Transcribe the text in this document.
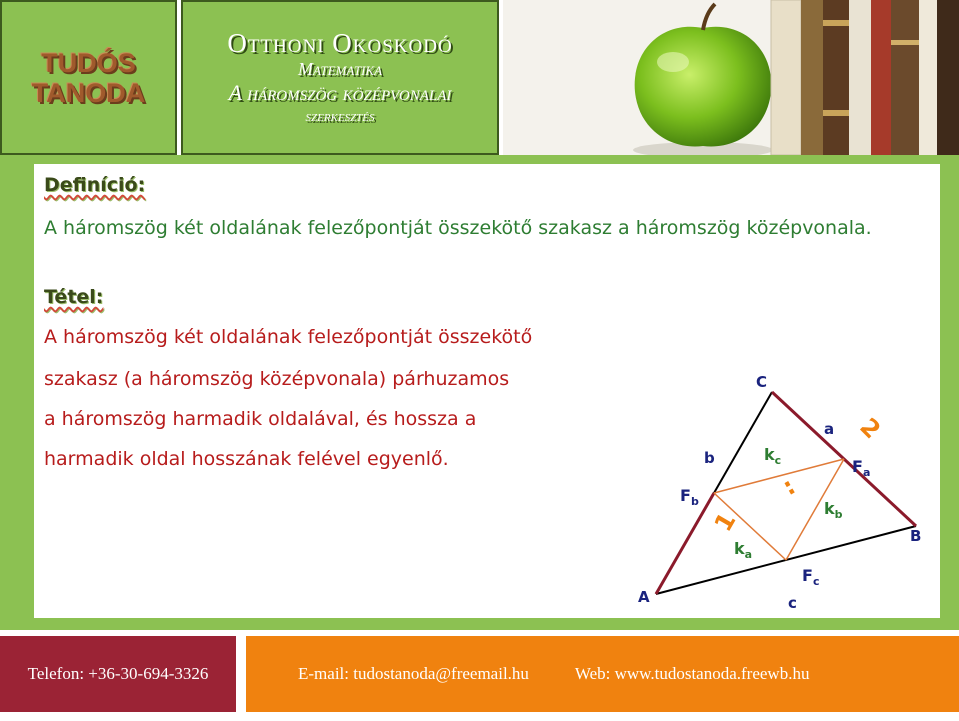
TUDÓS
TANODA
Otthoni Okoskodó
Matematika
A háromszög középvonalai
szerkesztés
Definíció:
A háromszög két oldalának felezőpontját összekötő szakasz a háromszög középvonala.
Tétel:
A háromszög két oldalának felezőpontját összekötő
szakasz (a háromszög középvonala) párhuzamos
a háromszög harmadik oldalával, és hossza a
harmadik oldal hosszának felével egyenlő.
C
B
A
a
b
c
$F_a$
$F_b$
$F_c$
$k_c$
$k_b$
$k_a$
1
2
:
Telefon: +36-30-694-3326	E-mail: tudostanoda@freemail.hu	Web: www.tudostanoda.freewb.hu
